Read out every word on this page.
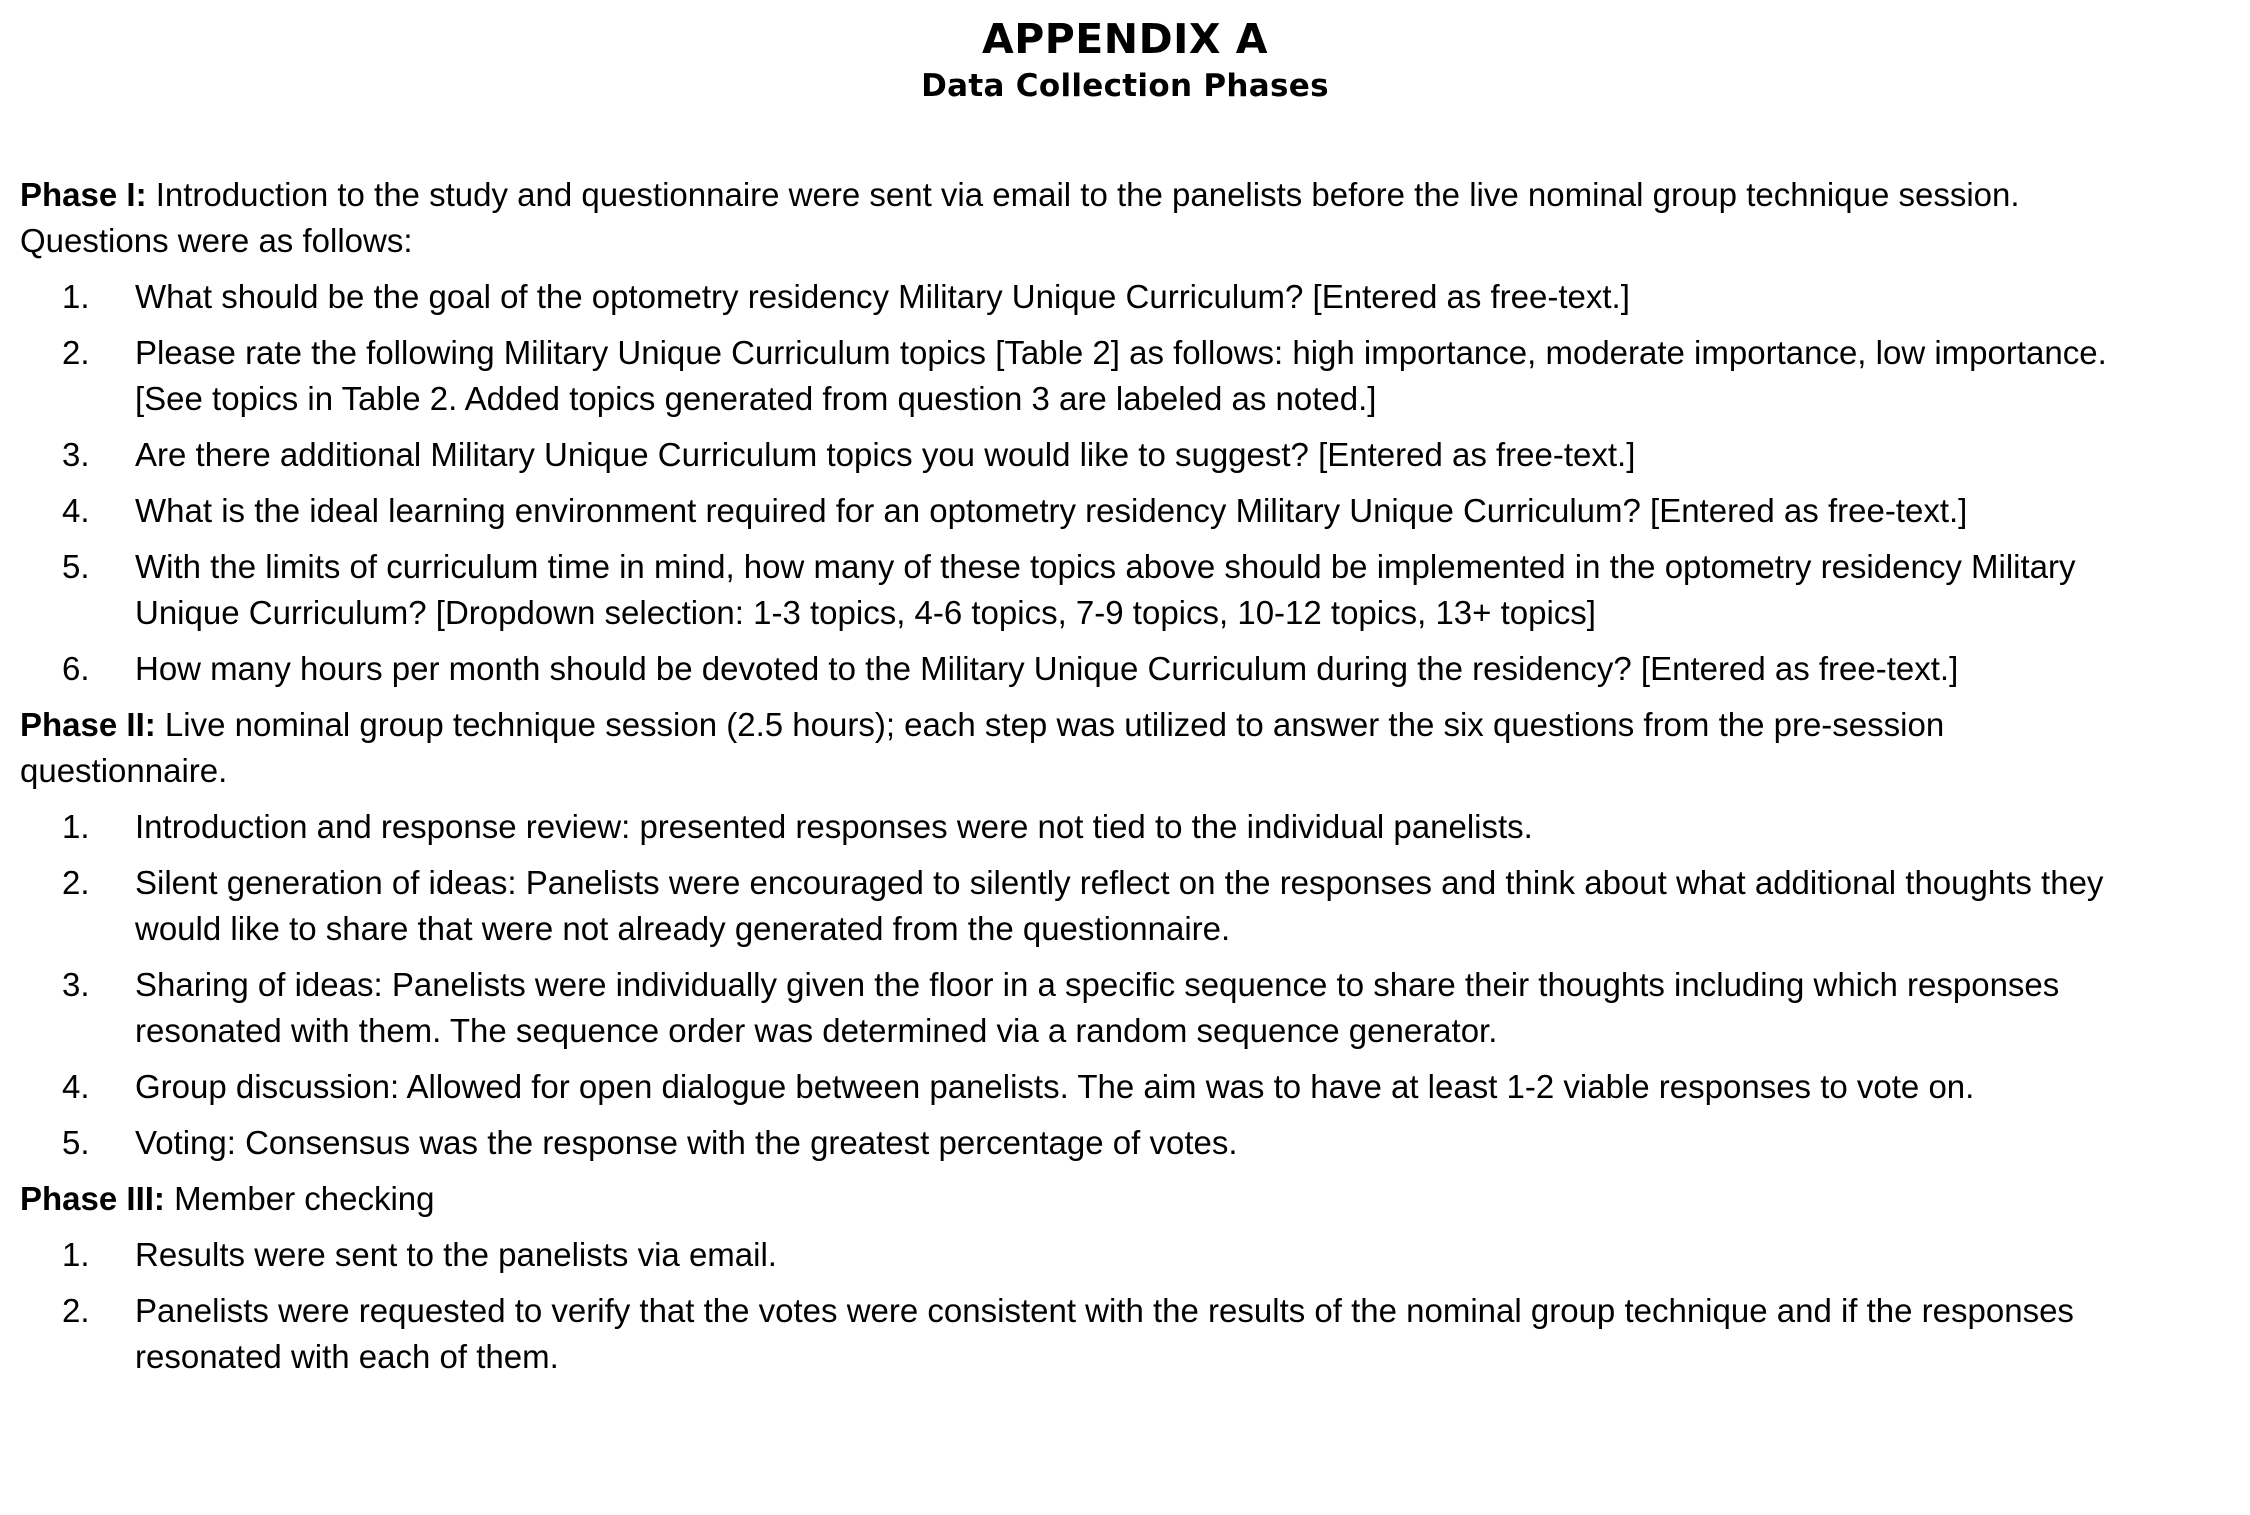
APPENDIX A
Data Collection Phases

Phase I: Introduction to the study and questionnaire were sent via email to the panelists before the live nominal group technique session. Questions were as follows:

What should be the goal of the optometry residency Military Unique Curriculum? [Entered as free-text.]
Please rate the following Military Unique Curriculum topics [Table 2] as follows: high importance, moderate importance, low importance. [See topics in Table 2. Added topics generated from question 3 are labeled as noted.]
Are there additional Military Unique Curriculum topics you would like to suggest? [Entered as free-text.]
What is the ideal learning environment required for an optometry residency Military Unique Curriculum? [Entered as free-text.]
With the limits of curriculum time in mind, how many of these topics above should be implemented in the optometry residency Military Unique Curriculum? [Dropdown selection: 1-3 topics, 4-6 topics, 7-9 topics, 10-12 topics, 13+ topics]
How many hours per month should be devoted to the Military Unique Curriculum during the residency? [Entered as free-text.]

Phase II: Live nominal group technique session (2.5 hours); each step was utilized to answer the six questions from the pre-session questionnaire.

Introduction and response review: presented responses were not tied to the individual panelists.
Silent generation of ideas: Panelists were encouraged to silently reflect on the responses and think about what additional thoughts they would like to share that were not already generated from the questionnaire.
Sharing of ideas: Panelists were individually given the floor in a specific sequence to share their thoughts including which responses resonated with them. The sequence order was determined via a random sequence generator.
Group discussion: Allowed for open dialogue between panelists. The aim was to have at least 1-2 viable responses to vote on.
Voting: Consensus was the response with the greatest percentage of votes.

Phase III: Member checking

Results were sent to the panelists via email.
Panelists were requested to verify that the votes were consistent with the results of the nominal group technique and if the responses resonated with each of them.
